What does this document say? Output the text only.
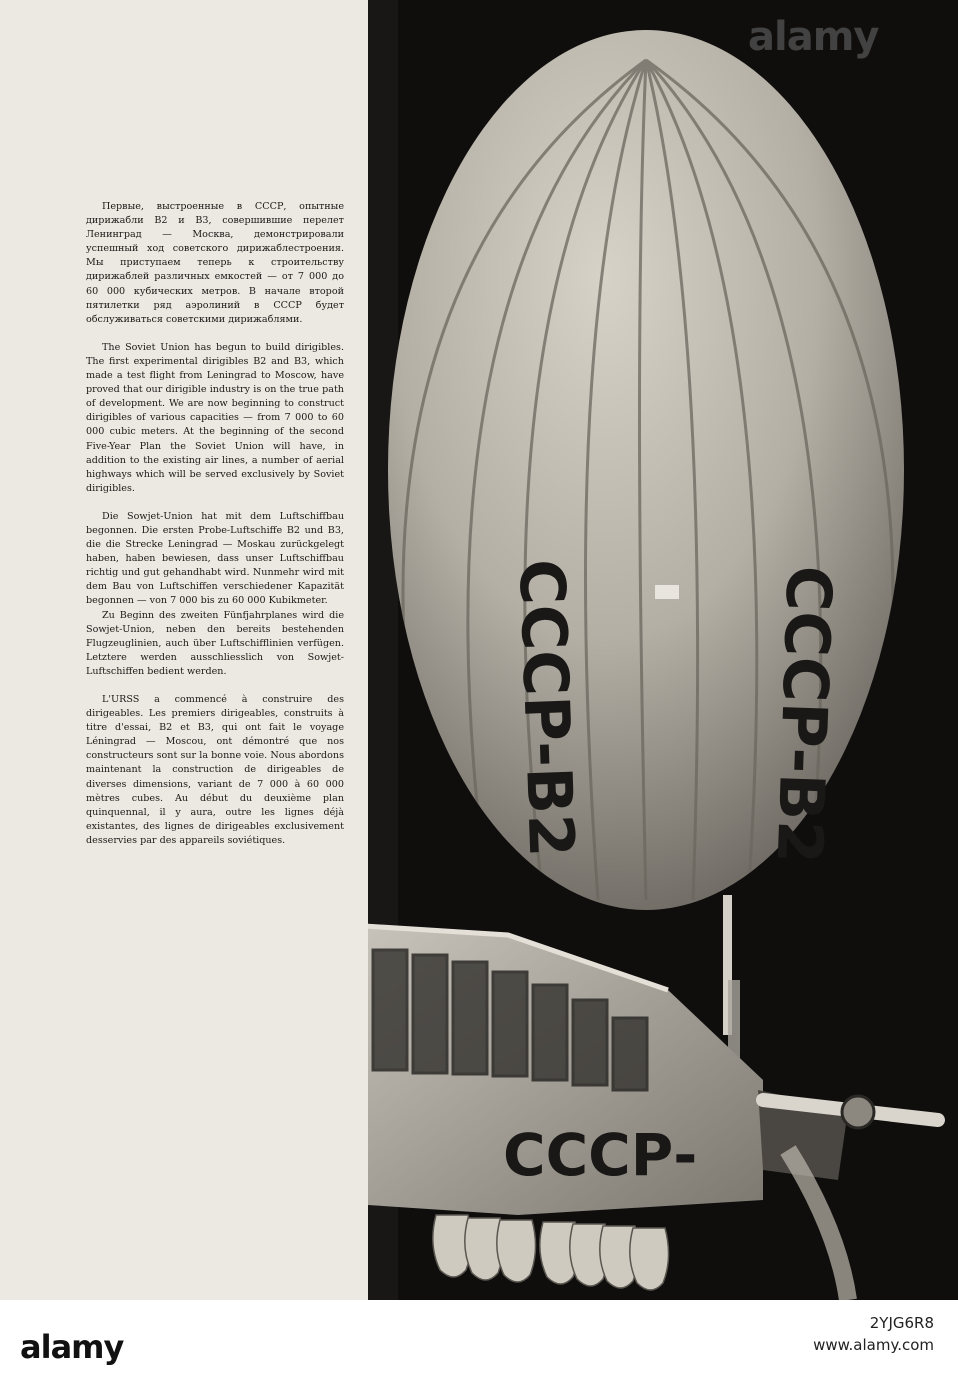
Первые, выстроенные в СССР, опытные дирижабли В2 и В3, совершившие перелет Ленинград — Москва, демонстрировали успешный ход советского дирижаблестроения. Мы приступаем теперь к строительству дирижаблей различных емкостей — от 7 000 до 60 000 кубических метров. В начале второй пятилетки ряд аэролиний в СССР будет обслуживаться советскими дирижаблями.

The Soviet Union has begun to build dirigibles. The first experimental dirigibles B2 and B3, which made a test flight from Leningrad to Moscow, have proved that our dirigible industry is on the true path of development. We are now beginning to construct dirigibles of various capacities — from 7 000 to 60 000 cubic meters. At the beginning of the second Five-Year Plan the Soviet Union will have, in addition to the existing air lines, a number of aerial highways which will be served exclusively by Soviet dirigibles.

Die Sowjet-Union hat mit dem Luftschiffbau begonnen. Die ersten Probe-Luftschiffe B2 und B3, die die Strecke Leningrad — Moskau zurückgelegt haben, haben bewiesen, dass unser Luftschiffbau richtig und gut gehandhabt wird. Nunmehr wird mit dem Bau von Luftschiffen verschiedener Kapazität begonnen — von 7 000 bis zu 60 000 Kubikmeter.

Zu Beginn des zweiten Fünfjahrplanes wird die Sowjet-Union, neben den bereits bestehenden Flugzeuglinien, auch über Luftschifflinien verfügen. Letztere werden ausschliesslich von Sowjet-Luftschiffen bedient werden.

L'URSS a commencé à construire des dirigeables. Les premiers dirigeables, construits à titre d'essai, B2 et B3, qui ont fait le voyage Léningrad — Moscou, ont démontré que nos constructeurs sont sur la bonne voie. Nous abordons maintenant la construction de dirigeables de diverses dimensions, variant de 7 000 à 60 000 mètres cubes. Au début du deuxième plan quinquennal, il y aura, outre les lignes déjà existantes, des lignes de dirigeables exclusivement desservies par des appareils soviétiques.	СССР-В2	СССР-В2
СССР-
alamy
alamy
2YJG6R8
www.alamy.com
